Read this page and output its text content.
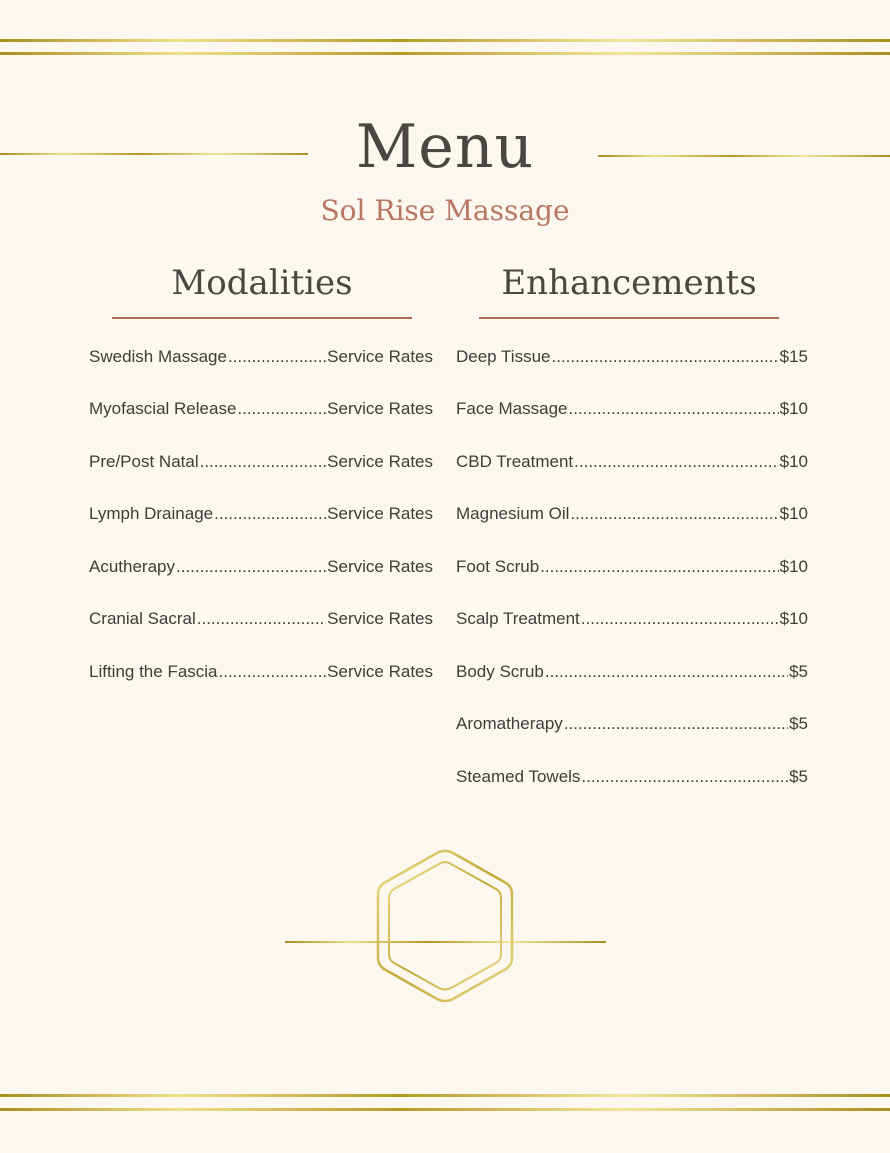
Menu
Sol Rise Massage
Modalities	Enhancements
Swedish Massage .....	Service Rates
Myofascial Release .....	Service Rates
Pre/Post Natal .....	Service Rates
Lymph Drainage .....	Service Rates
Acutherapy .....	Service Rates
Cranial Sacral .....	Service Rates
Lifting the Fascia .....	Service Rates
Deep Tissue .....	$15
Face Massage .....	$10
CBD Treatment .....	$10
Magnesium Oil .....	$10
Foot Scrub .....	$10
Scalp Treatment .....	$10
Body Scrub .....	$5
Aromatherapy .....	$5
Steamed Towels .....	$5
